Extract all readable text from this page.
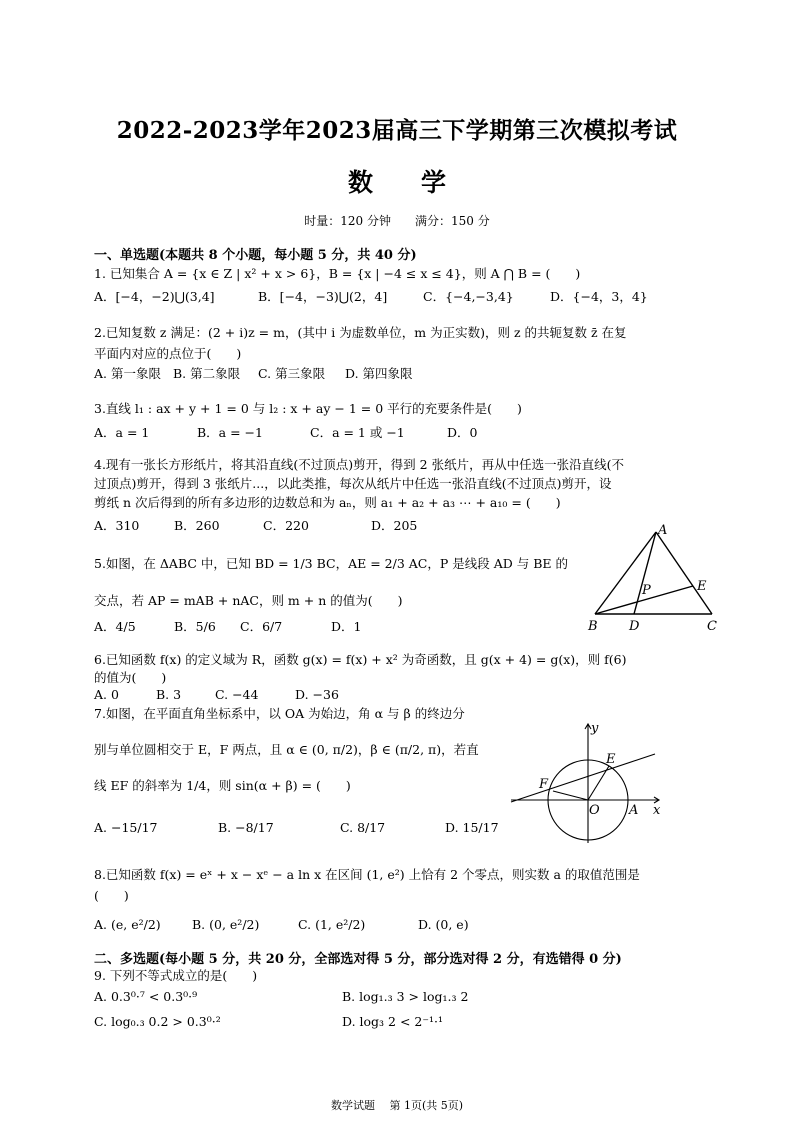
2022-2023学年2023届高三下学期第三次模拟考试
数学
时量：120 分钟　　满分：150 分
一、单选题(本题共 8 个小题，每小题 5 分，共 40 分)
1. 已知集合 A = {x ∈ Z | x² + x > 6}，B = {x | −4 ≤ x ≤ 4}，则 A ⋂ B = (　　)
A．[−4，−2)⋃(3,4]	B．[−4，−3)⋃(2，4]	C．{−4,−3,4}	D．{−4，3，4}
2.已知复数 z 满足：(2 + i)z = m，(其中 i 为虚数单位，m 为正实数)，则 z 的共轭复数 z̄ 在复
平面内对应的点位于(　　)
A. 第一象限 B. 第二象限 C. 第三象限 D. 第四象限
3.直线 l₁ : ax + y + 1 = 0 与 l₂ : x + ay − 1 = 0 平行的充要条件是(　　)
A．a = 1	B．a = −1	C．a = 1 或 −1	D．0
4.现有一张长方形纸片，将其沿直线(不过顶点)剪开，得到 2 张纸片，再从中任选一张沿直线(不
过顶点)剪开，得到 3 张纸片...，以此类推，每次从纸片中任选一张沿直线(不过顶点)剪开，设
剪纸 n 次后得到的所有多边形的边数总和为 aₙ，则 a₁ + a₂ + a₃ ⋯ + a₁₀ = (　　)
A．310	B．260	C．220	D．205
5.如图，在 ΔABC 中，已知 BD = 1/3 BC，AE = 2/3 AC，P 是线段 AD 与 BE 的
交点，若 AP = mAB + nAC，则 m + n 的值为(　　)
A．4/5	B．5/6 C．6/7	D．1
A
B	C
D
E
P
6.已知函数 f(x) 的定义域为 R，函数 g(x) = f(x) + x² 为奇函数，且 g(x + 4) = g(x)，则 f(6)
的值为(　　)
A. 0	B. 3	C. −44	D. −36
7.如图，在平面直角坐标系中，以 OA 为始边，角 α 与 β 的终边分
别与单位圆相交于 E，F 两点，且 α ∈ (0, π/2)，β ∈ (π/2, π)，若直
线 EF 的斜率为 1/4，则 sin(α + β) = (　　)
A. −15/17	B. −8/17	C. 8/17	D. 15/17
y
x
O A
E
F
8.已知函数 f(x) = eˣ + x − xᵉ − a ln x 在区间 (1, e²) 上恰有 2 个零点，则实数 a 的取值范围是
(　　)
A. (e, e²/2)	B. (0, e²/2)	C. (1, e²/2)	D. (0, e)
二、多选题(每小题 5 分，共 20 分，全部选对得 5 分，部分选对得 2 分，有选错得 0 分)
9. 下列不等式成立的是(　　)
A. 0.3⁰·⁷ < 0.3⁰·⁹	B. log₁.₃ 3 > log₁.₃ 2
C. log₀.₃ 0.2 > 0.3⁰·²	D. log₃ 2 < 2⁻¹·¹
数学试题　 第 1页(共 5页)
